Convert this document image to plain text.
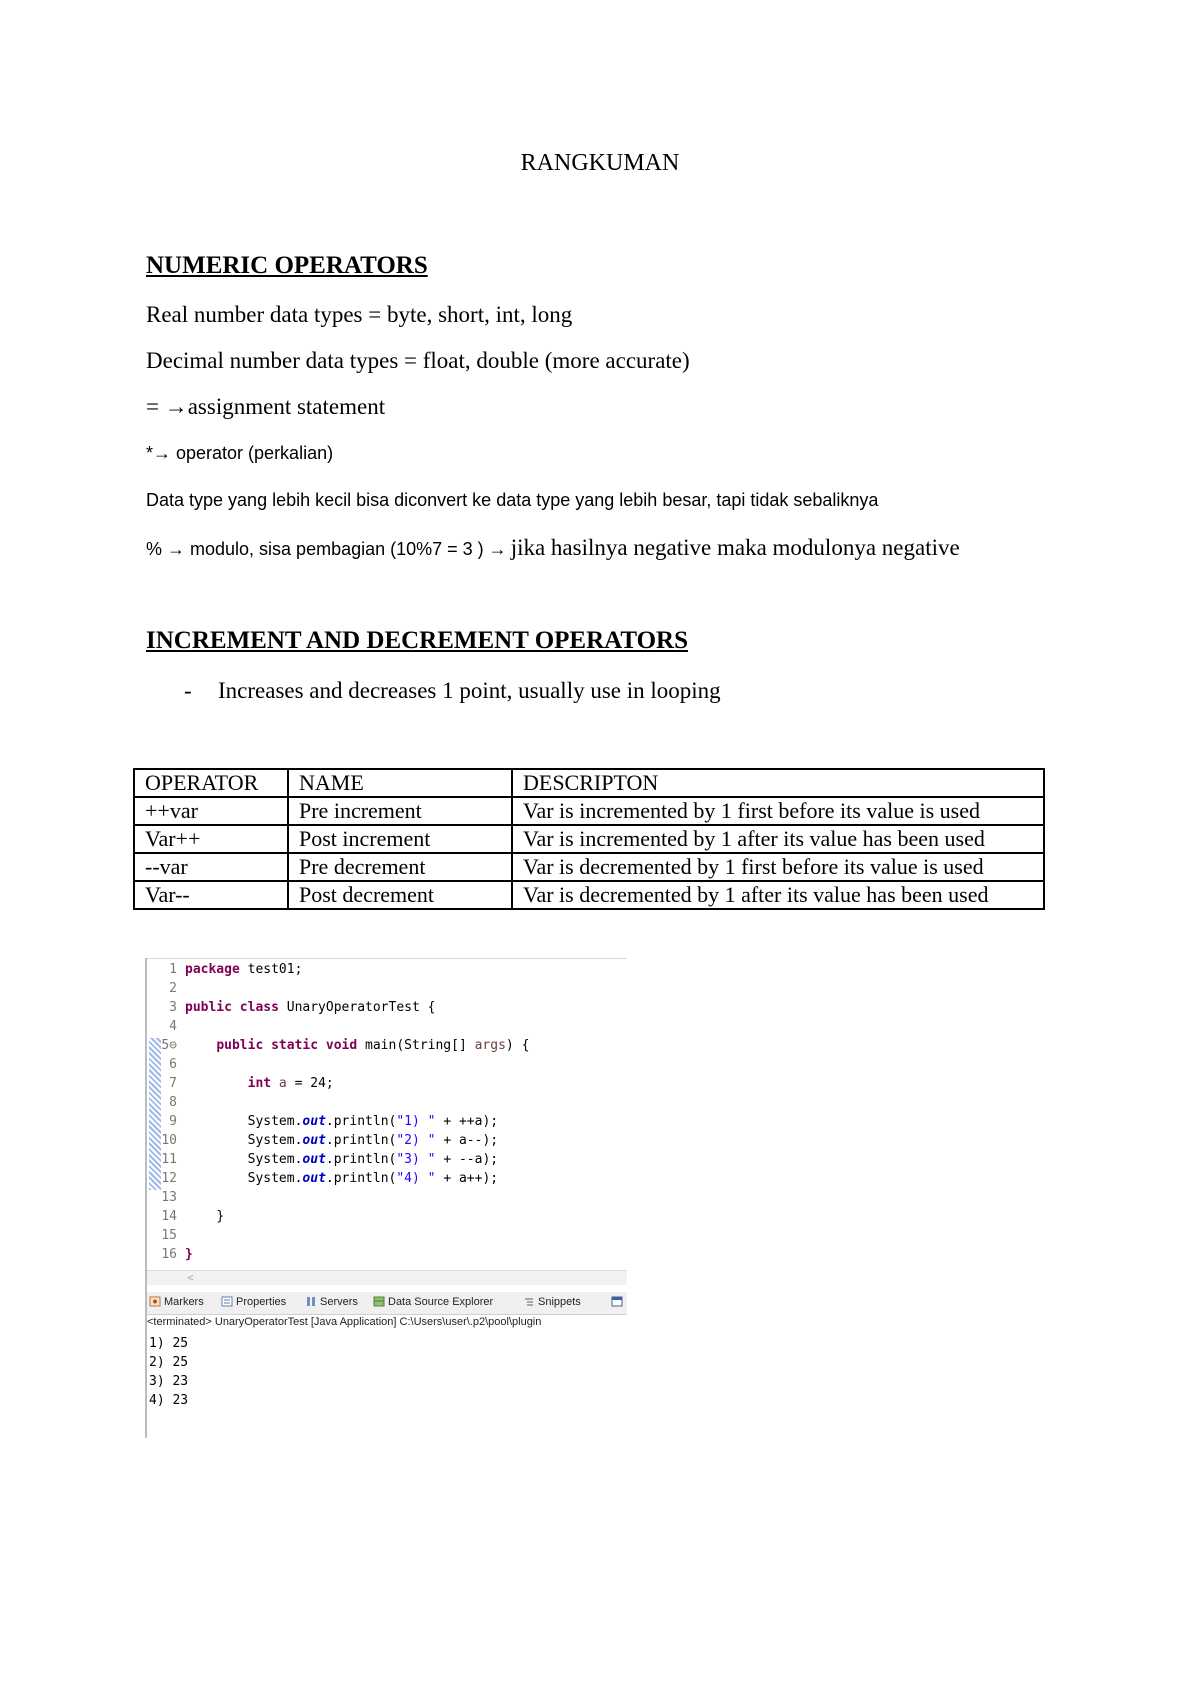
RANGKUMAN
NUMERIC OPERATORS
Real number data types = byte, short, int, long
Decimal number data types = float, double (more accurate)
= →assignment statement
*→ operator (perkalian)
Data type yang lebih kecil bisa diconvert ke data type yang lebih besar, tapi tidak sebaliknya
% → modulo, sisa pembagian (10%7 = 3 ) → jika hasilnya negative maka modulonya negative
INCREMENT AND DECREMENT OPERATORS
- Increases and decreases 1 point, usually use in looping
OPERATOR	NAME	DESCRIPTON
++var	Pre increment	Var is incremented by 1 first before its value is used
Var++	Post increment	Var is incremented by 1 after its value has been used
--var	Pre decrement	Var is decremented by 1 first before its value is used
Var--	Post decrement	Var is decremented by 1 after its value has been used
1 package test01;
2
3 public class UnaryOperatorTest {
4
5⊖	public static void main(String[] args) {
6
7	int a = 24;
8
9	System.out.println("1) " + ++a);
10	System.out.println("2) " + a--);
11	System.out.println("3) " + --a);
12	System.out.println("4) " + a++);
13
14	}
15
16 }
<
Markers	Properties	Servers	Data Source Explorer	Snippets
<terminated> UnaryOperatorTest [Java Application] C:\Users\user\.p2\pool\plugin
1) 25
2) 25
3) 23
4) 23
